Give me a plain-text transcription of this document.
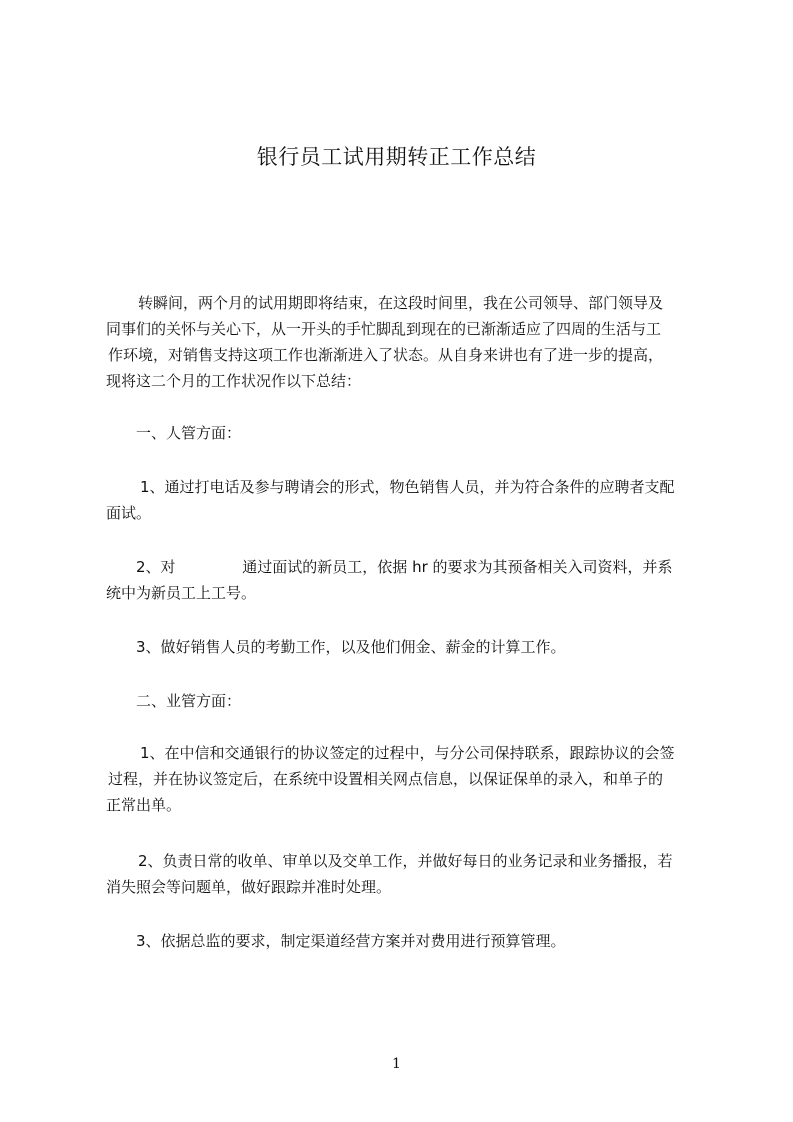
银行员工试用期转正工作总结
转瞬间，两个月的试用期即将结束，在这段时间里，我在公司领导、部门领导及
同事们的关怀与关心下，从一开头的手忙脚乱到现在的已渐渐适应了四周的生活与工
作环境，对销售支持这项工作也渐渐进入了状态。从自身来讲也有了进一步的提高，
现将这二个月的工作状况作以下总结：
一、人管方面：
1、通过打电话及参与聘请会的形式，物色销售人员，并为符合条件的应聘者支配
面试。
2、对              通过面试的新员工，依据 hr 的要求为其预备相关入司资料，并系
统中为新员工上工号。
3、做好销售人员的考勤工作，以及他们佣金、薪金的计算工作。
二、业管方面：
1、在中信和交通银行的协议签定的过程中，与分公司保持联系，跟踪协议的会签
过程，并在协议签定后，在系统中设置相关网点信息，以保证保单的录入，和单子的
正常出单。
2、负责日常的收单、审单以及交单工作，并做好每日的业务记录和业务播报，若
消失照会等问题单，做好跟踪并准时处理。
3、依据总监的要求，制定渠道经营方案并对费用进行预算管理。
1
